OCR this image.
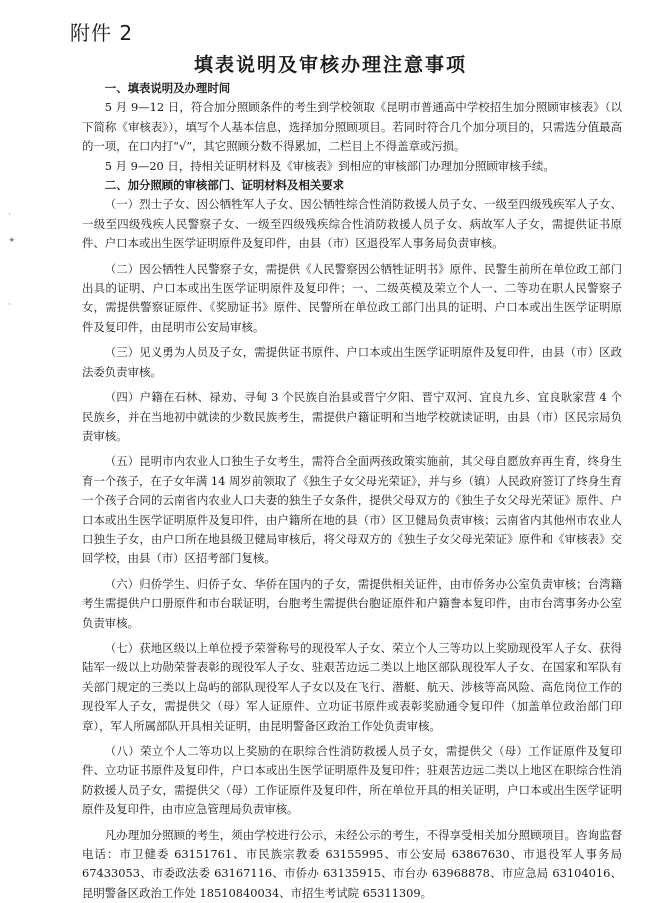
附件 2
填表说明及审核办理注意事项
·
✦
·

一、填表说明及办理时间

5 月 9—12 日，符合加分照顾条件的考生到学校领取《昆明市普通高中学校招生加分照顾审核表》（以下简称《审核表》），填写个人基本信息，选择加分照顾项目。若同时符合几个加分项目的，只需选分值最高的一项，在口内打“√”，其它照顾分数不得累加，二栏目上不得盖章或污损。

5 月 9—20 日，持相关证明材料及《审核表》到相应的审核部门办理加分照顾审核手续。

二、加分照顾的审核部门、证明材料及相关要求

（一）烈士子女、因公牺牲军人子女、因公牺牲综合性消防救援人员子女、一级至四级残疾军人子女、一级至四级残疾人民警察子女、一级至四级残疾综合性消防救援人员子女、病故军人子女，需提供证书原件、户口本或出生医学证明原件及复印件，由县（市）区退役军人事务局负责审核。

（二）因公牺牲人民警察子女，需提供《人民警察因公牺牲证明书》原件、民警生前所在单位政工部门出具的证明、户口本或出生医学证明原件及复印件；一、二级英模及荣立个人一、二等功在职人民警察子女，需提供警察证原件、《奖励证书》原件、民警所在单位政工部门出具的证明、户口本或出生医学证明原件及复印件，由昆明市公安局审核。

（三）见义勇为人员及子女，需提供证书原件、户口本或出生医学证明原件及复印件，由县（市）区政法委负责审核。

（四）户籍在石林、禄劝、寻甸 3 个民族自治县或晋宁夕阳、晋宁双河、宜良九乡、宜良耿家营 4 个民族乡，并在当地初中就读的少数民族考生，需提供户籍证明和当地学校就读证明，由县（市）区民宗局负责审核。

（五）昆明市内农业人口独生子女考生，需符合全面两孩政策实施前，其父母自愿放弃再生育，终身生育一个孩子，在子女年满 14 周岁前领取了《独生子女父母光荣证》，并与乡（镇）人民政府签订了终身生育一个孩子合同的云南省内农业人口夫妻的独生子女条件，提供父母双方的《独生子女父母光荣证》原件、户口本或出生医学证明原件及复印件，由户籍所在地的县（市）区卫健局负责审核；云南省内其他州市农业人口独生子女，由户口所在地县级卫健局审核后，将父母双方的《独生子女父母光荣证》原件和《审核表》交回学校，由县（市）区招考部门复核。

（六）归侨学生、归侨子女、华侨在国内的子女，需提供相关证件，由市侨务办公室负责审核；台湾籍考生需提供户口册原件和市台联证明，台胞考生需提供台胞证原件和户籍誊本复印件，由市台湾事务办公室负责审核。

（七）获地区级以上单位授予荣誉称号的现役军人子女、荣立个人三等功以上奖励现役军人子女、获得陆军一级以上功勋荣誉表彰的现役军人子女、驻艰苦边远二类以上地区部队现役军人子女、在国家和军队有关部门规定的三类以上岛屿的部队现役军人子女以及在飞行、潜艇、航天、涉核等高风险、高危岗位工作的现役军人子女，需提供父（母）军人证原件、立功证书原件或表彰奖励通令复印件（加盖单位政治部门印章），军人所属部队开具相关证明，由昆明警备区政治工作处负责审核。

（八）荣立个人二等功以上奖励的在职综合性消防救援人员子女，需提供父（母）工作证原件及复印件、立功证书原件及复印件，户口本或出生医学证明原件及复印件；驻艰苦边远二类以上地区在职综合性消防救援人员子女，需提供父（母）工作证原件及复印件，所在单位开具的相关证明，户口本或出生医学证明原件及复印件，由市应急管理局负责审核。

凡办理加分照顾的考生，须由学校进行公示，未经公示的考生，不得享受相关加分照顾项目。咨询监督电话：市卫健委 63151761、市民族宗教委 63155995、市公安局 63867630、市退役军人事务局 67433053、市委政法委 63167116、市侨办 63135915、市台办 63968878、市应急局 63104016、昆明警备区政治工作处 18510840034、市招生考试院 65311309。
